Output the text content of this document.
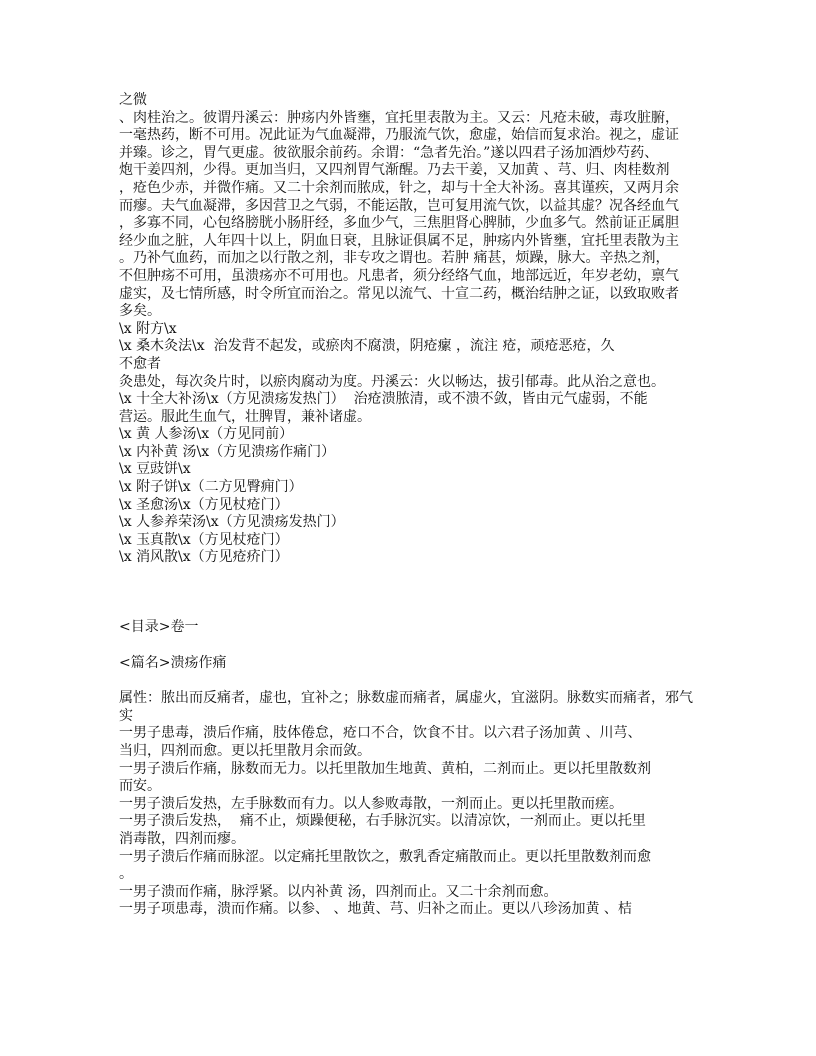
之微
、肉桂治之。彼谓丹溪云：肿疡内外皆壅，宜托里表散为主。又云：凡疮未破，毒攻脏腑，
一毫热药，断不可用。况此证为气血凝滞，乃服流气饮，愈虚，始信而复求治。视之，虚证
并臻。诊之，胃气更虚。彼欲服余前药。余谓：“急者先治。”遂以四君子汤加酒炒芍药、
炮干姜四剂，少得。更加当归，又四剂胃气渐醒。乃去干姜，又加黄 、芎、归、肉桂数剂
，疮色少赤，并微作痛。又二十余剂而脓成，针之，却与十全大补汤。喜其谨疾，又两月余
而瘳。夫气血凝滞，多因营卫之气弱，不能运散，岂可复用流气饮，以益其虚？况各经血气
，多寡不同，心包络膀胱小肠肝经，多血少气，三焦胆肾心脾肺，少血多气。然前证正属胆
经少血之脏，人年四十以上，阴血日衰，且脉证俱属不足，肿疡内外皆壅，宜托里表散为主
。乃补气血药，而加之以行散之剂，非专攻之谓也。若肿 痛甚，烦躁，脉大。辛热之剂，
不但肿疡不可用，虽溃疡亦不可用也。凡患者，须分经络气血，地部远近，年岁老幼，禀气
虚实，及七情所感，时令所宜而治之。常见以流气、十宣二药，概治结肿之证，以致取败者
多矣。
\x 附方\x
\x 桑木灸法\x  治发背不起发，或瘀肉不腐溃，阴疮瘰 ，流注 疮，顽疮恶疮，久
不愈者
灸患处，每次灸片时，以瘀肉腐动为度。丹溪云：火以畅达，拔引郁毒。此从治之意也。
\x 十全大补汤\x（方见溃疡发热门）  治疮溃脓清，或不溃不敛，皆由元气虚弱，不能
营运。服此生血气，壮脾胃，兼补诸虚。
\x 黄 人参汤\x（方见同前）
\x 内补黄 汤\x（方见溃疡作痛门）
\x 豆豉饼\x
\x 附子饼\x（二方见臀痈门）
\x 圣愈汤\x（方见杖疮门）
\x 人参养荣汤\x（方见溃疡发热门）
\x 玉真散\x（方见杖疮门）
\x 消风散\x（方见疮疥门）
<目录>卷一
<篇名>溃疡作痛
属性：脓出而反痛者，虚也，宜补之；脉数虚而痛者，属虚火，宜滋阴。脉数实而痛者，邪气
实
一男子患毒，溃后作痛，肢体倦怠，疮口不合，饮食不甘。以六君子汤加黄 、川芎、
当归，四剂而愈。更以托里散月余而敛。
一男子溃后作痛，脉数而无力。以托里散加生地黄、黄柏，二剂而止。更以托里散数剂
而安。
一男子溃后发热，左手脉数而有力。以人参败毒散，一剂而止。更以托里散而瘥。
一男子溃后发热，  痛不止，烦躁便秘，右手脉沉实。以清凉饮，一剂而止。更以托里
消毒散，四剂而瘳。
一男子溃后作痛而脉涩。以定痛托里散饮之，敷乳香定痛散而止。更以托里散数剂而愈
。
一男子溃而作痛，脉浮紧。以内补黄 汤，四剂而止。又二十余剂而愈。
一男子项患毒，溃而作痛。以参、 、地黄、芎、归补之而止。更以八珍汤加黄 、桔
